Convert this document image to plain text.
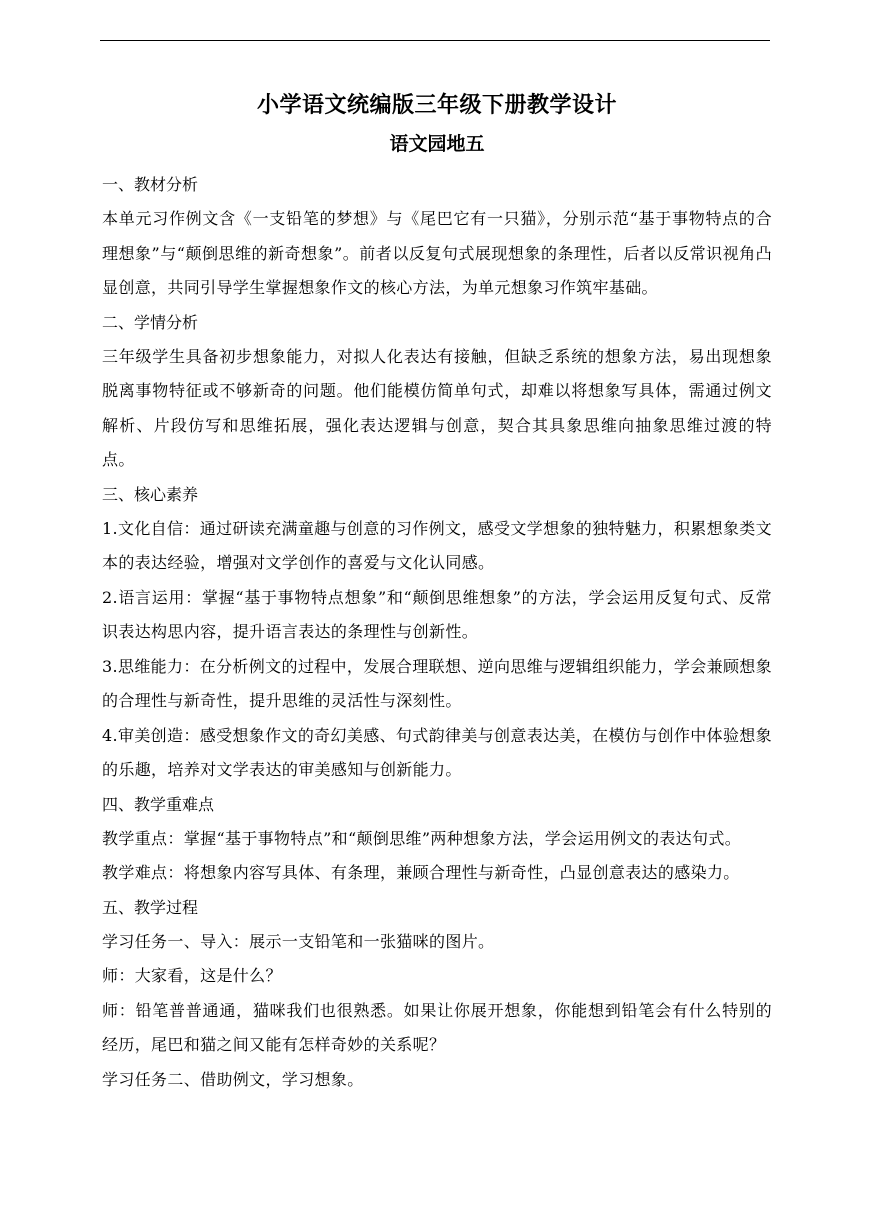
小学语文统编版三年级下册教学设计
语文园地五

一、教材分析

本单元习作例文含《一支铅笔的梦想》与《尾巴它有一只猫》，分别示范“基于事物特点的合理想象”与“颠倒思维的新奇想象”。前者以反复句式展现想象的条理性，后者以反常识视角凸显创意，共同引导学生掌握想象作文的核心方法，为单元想象习作筑牢基础。

二、学情分析

三年级学生具备初步想象能力，对拟人化表达有接触，但缺乏系统的想象方法，易出现想象脱离事物特征或不够新奇的问题。他们能模仿简单句式，却难以将想象写具体，需通过例文解析、片段仿写和思维拓展，强化表达逻辑与创意，契合其具象思维向抽象思维过渡的特点。

三、核心素养

1.文化自信：通过研读充满童趣与创意的习作例文，感受文学想象的独特魅力，积累想象类文本的表达经验，增强对文学创作的喜爱与文化认同感。

2.语言运用：掌握“基于事物特点想象”和“颠倒思维想象”的方法，学会运用反复句式、反常识表达构思内容，提升语言表达的条理性与创新性。

3.思维能力：在分析例文的过程中，发展合理联想、逆向思维与逻辑组织能力，学会兼顾想象的合理性与新奇性，提升思维的灵活性与深刻性。

4.审美创造：感受想象作文的奇幻美感、句式韵律美与创意表达美，在模仿与创作中体验想象的乐趣，培养对文学表达的审美感知与创新能力。

四、教学重难点

教学重点：掌握“基于事物特点”和“颠倒思维”两种想象方法，学会运用例文的表达句式。

教学难点：将想象内容写具体、有条理，兼顾合理性与新奇性，凸显创意表达的感染力。

五、教学过程

学习任务一、导入：展示一支铅笔和一张猫咪的图片。

师：大家看，这是什么？

师：铅笔普普通通，猫咪我们也很熟悉。如果让你展开想象，你能想到铅笔会有什么特别的经历，尾巴和猫之间又能有怎样奇妙的关系呢？

学习任务二、借助例文，学习想象。
